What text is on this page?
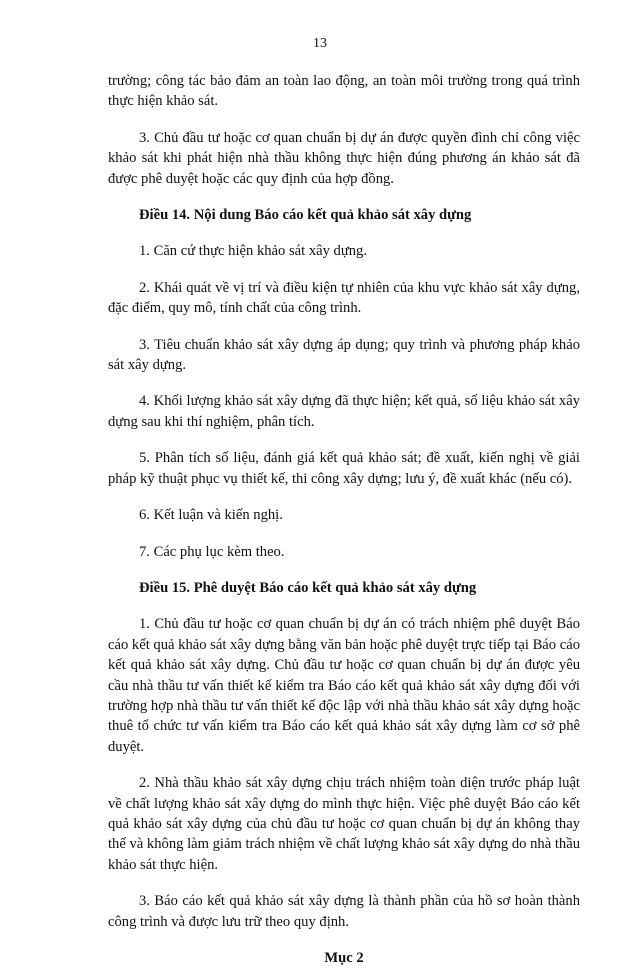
13

trường; công tác bảo đảm an toàn lao động, an toàn môi trường trong quá trình thực hiện khảo sát.

3. Chủ đầu tư hoặc cơ quan chuẩn bị dự án được quyền đình chỉ công việc khảo sát khi phát hiện nhà thầu không thực hiện đúng phương án khảo sát đã được phê duyệt hoặc các quy định của hợp đồng.

Điều 14. Nội dung Báo cáo kết quả khảo sát xây dựng

1. Căn cứ thực hiện khảo sát xây dựng.

2. Khái quát về vị trí và điều kiện tự nhiên của khu vực khảo sát xây dựng, đặc điểm, quy mô, tính chất của công trình.

3. Tiêu chuẩn khảo sát xây dựng áp dụng; quy trình và phương pháp khảo sát xây dựng.

4. Khối lượng khảo sát xây dựng đã thực hiện; kết quả, số liệu khảo sát xây dựng sau khi thí nghiệm, phân tích.

5. Phân tích số liệu, đánh giá kết quả khảo sát; đề xuất, kiến nghị về giải pháp kỹ thuật phục vụ thiết kế, thi công xây dựng; lưu ý, đề xuất khác (nếu có).

6. Kết luận và kiến nghị.

7. Các phụ lục kèm theo.

Điều 15. Phê duyệt Báo cáo kết quả khảo sát xây dựng

1. Chủ đầu tư hoặc cơ quan chuẩn bị dự án có trách nhiệm phê duyệt Báo cáo kết quả khảo sát xây dựng bằng văn bản hoặc phê duyệt trực tiếp tại Báo cáo kết quả khảo sát xây dựng. Chủ đầu tư hoặc cơ quan chuẩn bị dự án được yêu cầu nhà thầu tư vấn thiết kế kiểm tra Báo cáo kết quả khảo sát xây dựng đối với trường hợp nhà thầu tư vấn thiết kế độc lập với nhà thầu khảo sát xây dựng hoặc thuê tổ chức tư vấn kiểm tra Báo cáo kết quả khảo sát xây dựng làm cơ sở phê duyệt.

2. Nhà thầu khảo sát xây dựng chịu trách nhiệm toàn diện trước pháp luật về chất lượng khảo sát xây dựng do mình thực hiện. Việc phê duyệt Báo cáo kết quả khảo sát xây dựng của chủ đầu tư hoặc cơ quan chuẩn bị dự án không thay thế và không làm giảm trách nhiệm về chất lượng khảo sát xây dựng do nhà thầu khảo sát thực hiện.

3. Báo cáo kết quả khảo sát xây dựng là thành phần của hồ sơ hoàn thành công trình và được lưu trữ theo quy định.

Mục 2
